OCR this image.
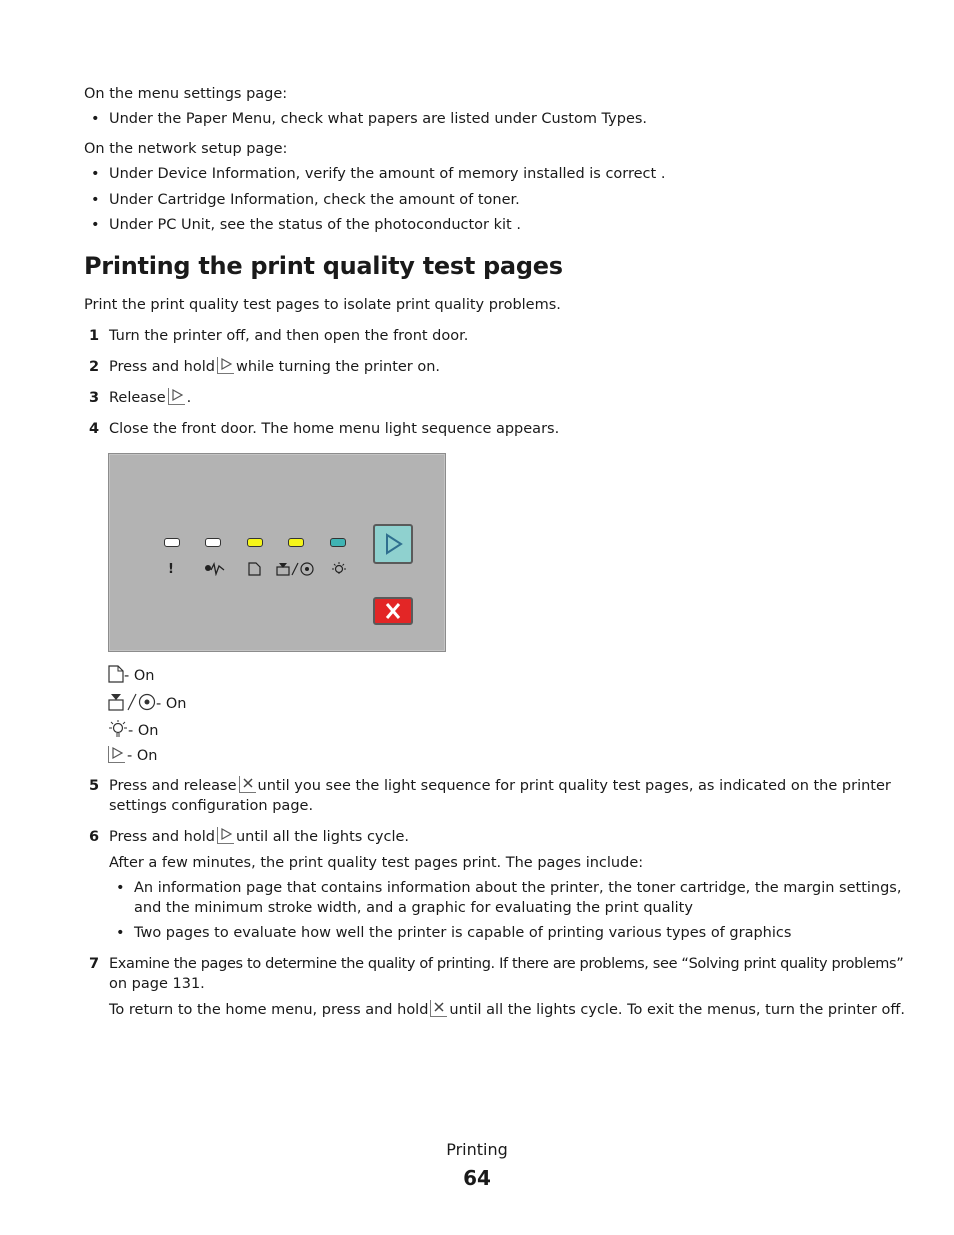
On the menu settings page:
• Under the Paper Menu, check what papers are listed under Custom Types.
On the network setup page:
• Under Device Information, verify the amount of memory installed is correct .
• Under Cartridge Information, check the amount of toner.
• Under PC Unit, see the status of the photoconductor kit .
Printing the print quality test pages
Print the print quality test pages to isolate print quality problems.
1 Turn the printer off, and then open the front door.
2 Press and hold while turning the printer on.
3 Release .
4 Close the front door. The home menu light sequence appears.
!
- On
- On
- On
- On
5 Press and release until you see the light sequence for print quality test pages, as indicated on the printer
settings configuration page.
6 Press and hold until all the lights cycle.
After a few minutes, the print quality test pages print. The pages include:
• An information page that contains information about the printer, the toner cartridge, the margin settings,
and the minimum stroke width, and a graphic for evaluating the print quality
• Two pages to evaluate how well the printer is capable of printing various types of graphics
7 Examine the pages to determine the quality of printing. If there are problems, see “Solving print quality problems”
on page 131.
To return to the home menu, press and hold until all the lights cycle. To exit the menus, turn the printer off.
Printing
64
